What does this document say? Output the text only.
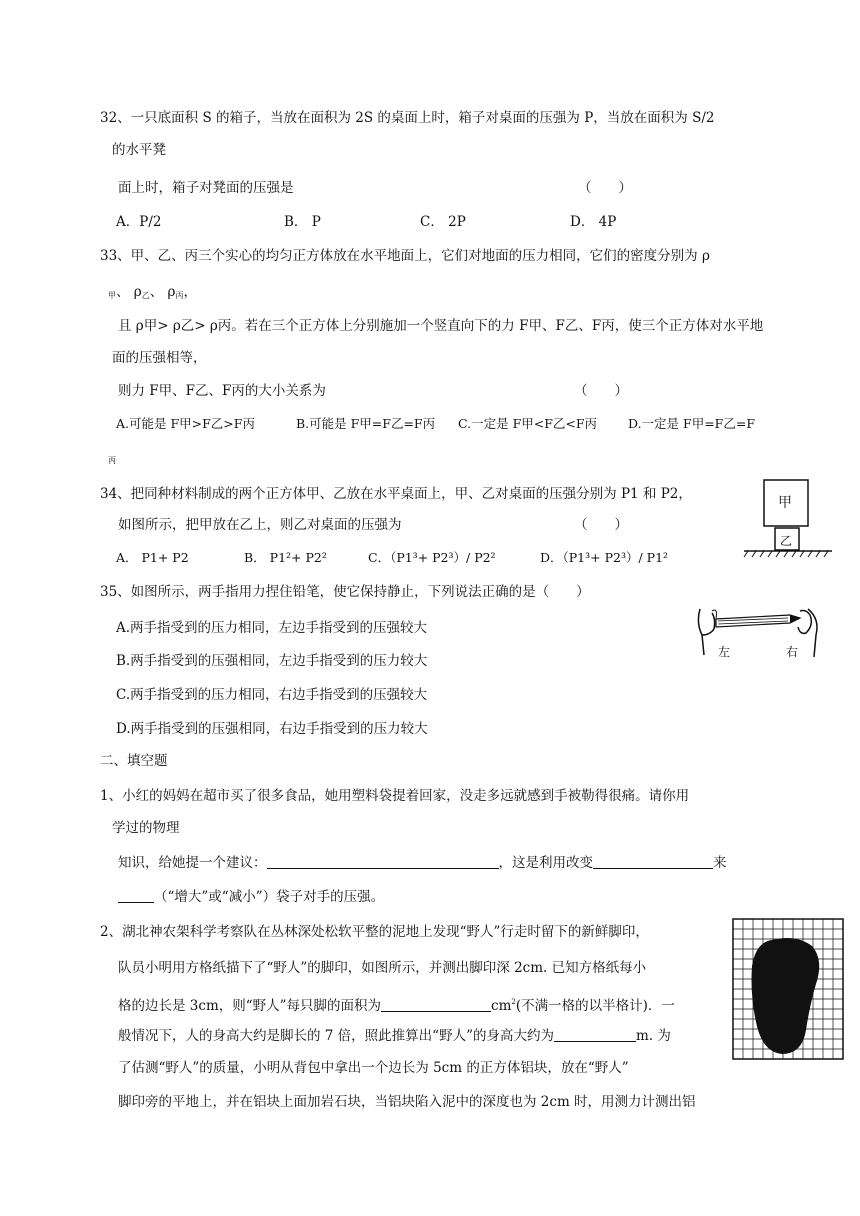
32、一只底面积 S 的箱子，当放在面积为 2S 的桌面上时，箱子对桌面的压强为 P，当放在面积为 S/2
的水平凳
面上时，箱子对凳面的压强是	（　　）
A．P/2	B． P	C． 2P	D． 4P
33、甲、乙、丙三个实心的均匀正方体放在水平地面上，它们对地面的压力相同，它们的密度分别为 ρ
甲、 ρ乙、 ρ丙，
且 ρ甲> ρ乙> ρ丙。若在三个正方体上分别施加一个竖直向下的力 F甲、F乙、F丙，使三个正方体对水平地
面的压强相等，
则力 F甲、F乙、F丙的大小关系为	（　　）
A.可能是 F甲>F乙>F丙	B.可能是 F甲=F乙=F丙 C.一定是 F甲<F乙<F丙 D.一定是 F甲=F乙=F
丙
34、把同种材料制成的两个正方体甲、乙放在水平桌面上，甲、乙对桌面的压强分别为 P1 和 P2，
如图所示，把甲放在乙上，则乙对桌面的压强为	（　　）
A． P1+ P2	B． P1²+ P2²	C．（P1³+ P2³）/ P2²	D．（P1³+ P2³）/ P1²
甲
乙
35、如图所示，两手指用力捏住铅笔，使它保持静止，下列说法正确的是（　　）
A.两手指受到的压力相同，左边手指受到的压强较大
B.两手指受到的压强相同，左边手指受到的压力较大
C.两手指受到的压力相同，右边手指受到的压强较大
D.两手指受到的压强相同，右边手指受到的压力较大
左	右
二、填空题
1、小红的妈妈在超市买了很多食品，她用塑料袋提着回家，没走多远就感到手被勒得很痛。请你用
学过的物理
知识，给她提一个建议：	，这是利用改变	来
（“增大”或“减小”）袋子对手的压强。
2、湖北神农架科学考察队在丛林深处松软平整的泥地上发现“野人”行走时留下的新鲜脚印，
队员小明用方格纸描下了“野人”的脚印，如图所示，并测出脚印深 2cm. 已知方格纸每小
格的边长是 3cm，则“野人”每只脚的面积为	$cm^2$(不满一格的以半格计)．一
般情况下，人的身高大约是脚长的 7 倍，照此推算出“野人”的身高大约为	m. 为
了估测“野人”的质量，小明从背包中拿出一个边长为 5cm 的正方体铝块，放在“野人”
脚印旁的平地上，并在铝块上面加岩石块，当铝块陷入泥中的深度也为 2cm 时，用测力计测出铝
